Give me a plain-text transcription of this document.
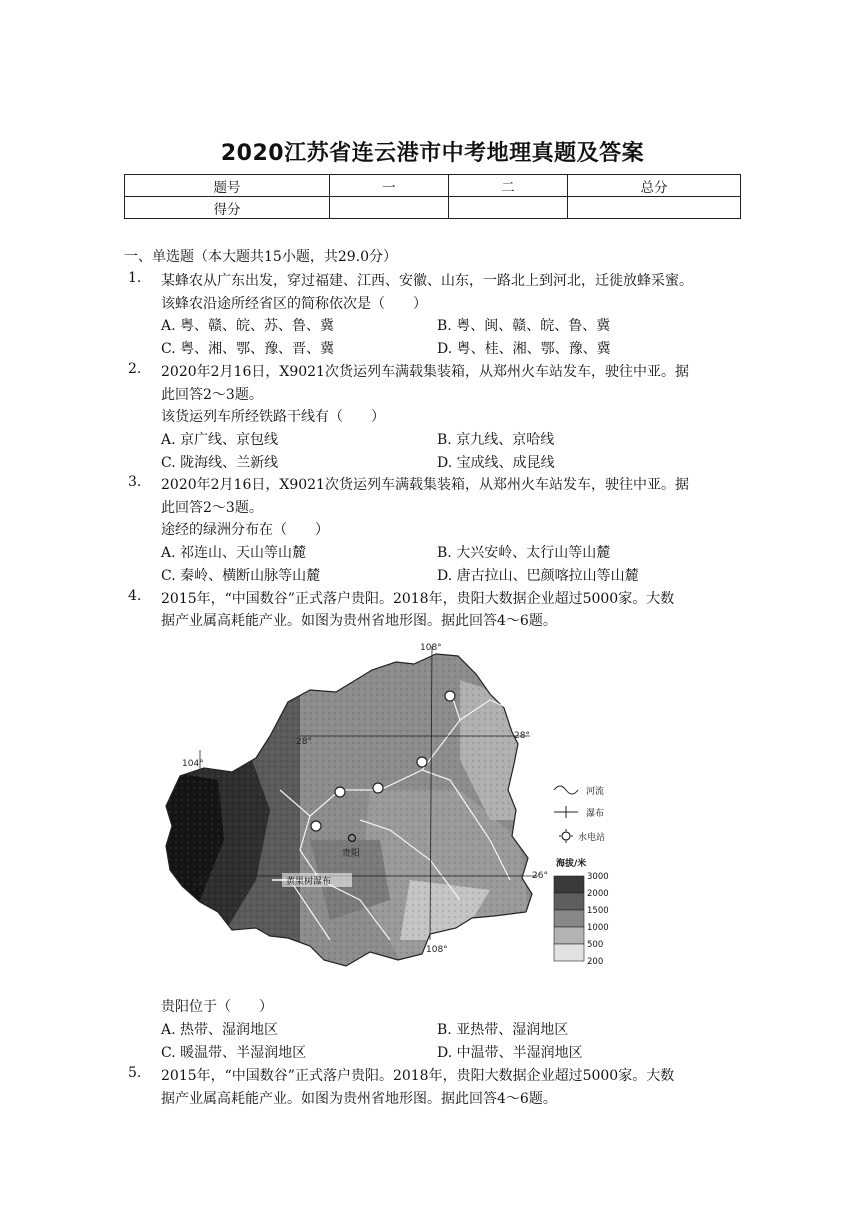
2020江苏省连云港市中考地理真题及答案
题号	一	二	总分
得分			
一、单选题（本大题共15小题，共29.0分）
1. 某蜂农从广东出发，穿过福建、江西、安徽、山东，一路北上到河北，迁徙放蜂采蜜。
该蜂农沿途所经省区的简称依次是（　　）
A. 粤、赣、皖、苏、鲁、冀	B. 粤、闽、赣、皖、鲁、冀
C. 粤、湘、鄂、豫、晋、冀	D. 粤、桂、湘、鄂、豫、冀
2. 2020年2月16日，X9021次货运列车满载集装箱，从郑州火车站发车，驶往中亚。据
此回答2～3题。
该货运列车所经铁路干线有（　　）
A. 京广线、京包线	B. 京九线、京哈线
C. 陇海线、兰新线	D. 宝成线、成昆线
3. 2020年2月16日，X9021次货运列车满载集装箱，从郑州火车站发车，驶往中亚。据
此回答2～3题。
途经的绿洲分布在（　　）
A. 祁连山、天山等山麓	B. 大兴安岭、太行山等山麓
C. 秦岭、横断山脉等山麓	D. 唐古拉山、巴颜喀拉山等山麓
4. 2015年，“中国数谷”正式落户贵阳。2018年，贵阳大数据企业超过5000家。大数
据产业属高耗能产业。如图为贵州省地形图。据此回答4～6题。
贵阳
黄果树瀑布
108°
104°
108°
28°
28°
26°
26°
河流
瀑布
水电站
海拔/米
3000
2000
1500
1000
500
200
贵阳位于（　　）
A. 热带、湿润地区	B. 亚热带、湿润地区
C. 暖温带、半湿润地区	D. 中温带、半湿润地区
5. 2015年，“中国数谷”正式落户贵阳。2018年，贵阳大数据企业超过5000家。大数
据产业属高耗能产业。如图为贵州省地形图。据此回答4～6题。
